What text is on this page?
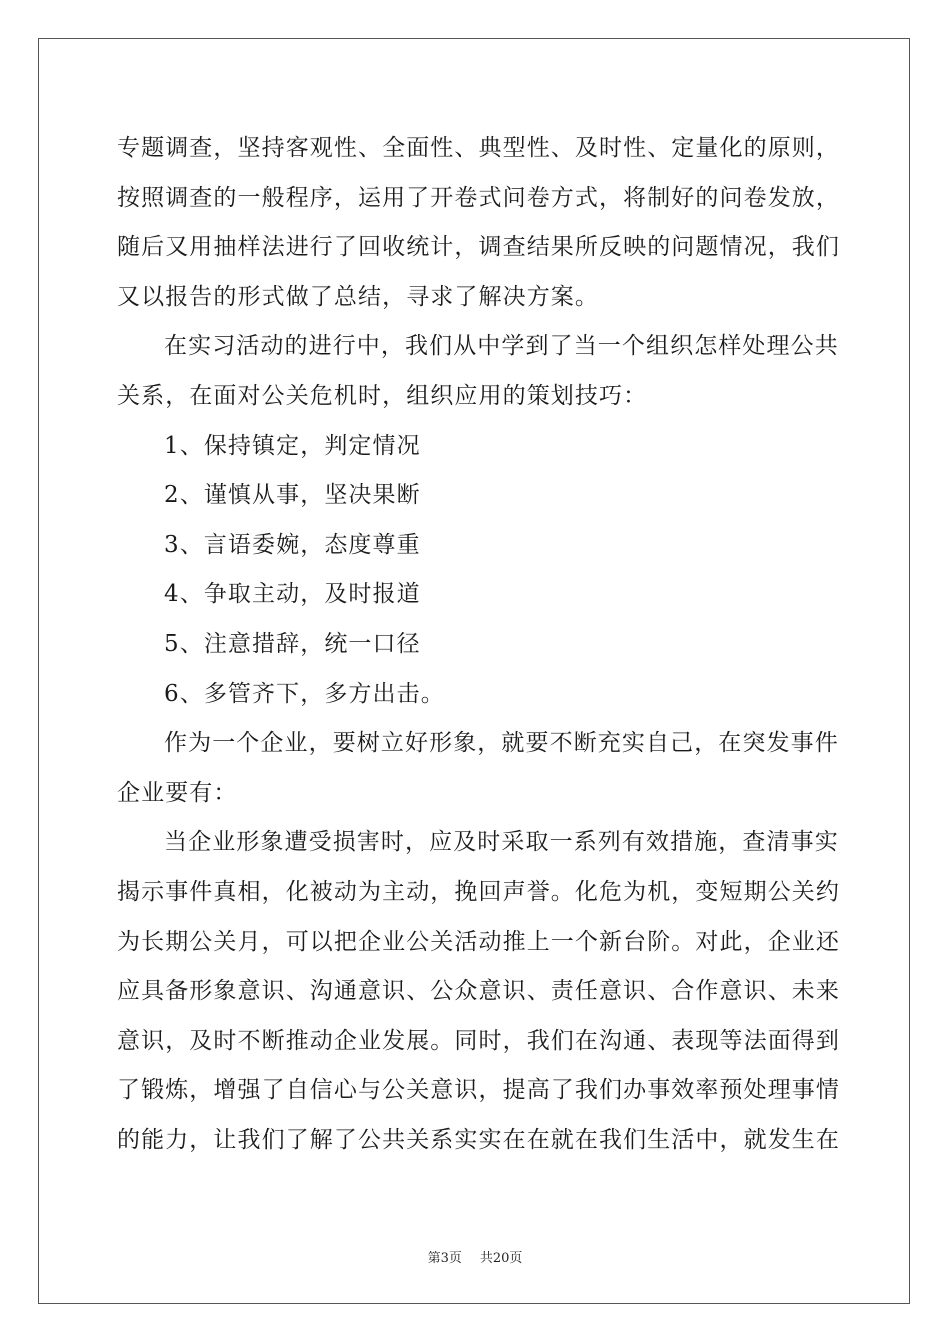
专题调查，坚持客观性、全面性、典型性、及时性、定量化的原则，
按照调查的一般程序，运用了开卷式问卷方式，将制好的问卷发放，
随后又用抽样法进行了回收统计，调查结果所反映的问题情况，我们
又以报告的形式做了总结，寻求了解决方案。
在实习活动的进行中，我们从中学到了当一个组织怎样处理公共
关系，在面对公关危机时，组织应用的策划技巧：
1、保持镇定，判定情况
2、谨慎从事，坚决果断
3、言语委婉，态度尊重
4、争取主动，及时报道
5、注意措辞，统一口径
6、多管齐下，多方出击。
作为一个企业，要树立好形象，就要不断充实自己，在突发事件
企业要有：
当企业形象遭受损害时，应及时采取一系列有效措施，查清事实
揭示事件真相，化被动为主动，挽回声誉。化危为机，变短期公关约
为长期公关月，可以把企业公关活动推上一个新台阶。对此，企业还
应具备形象意识、沟通意识、公众意识、责任意识、合作意识、未来
意识，及时不断推动企业发展。同时，我们在沟通、表现等法面得到
了锻炼，增强了自信心与公关意识，提高了我们办事效率预处理事情
的能力，让我们了解了公共关系实实在在就在我们生活中，就发生在
第3页 共20页
